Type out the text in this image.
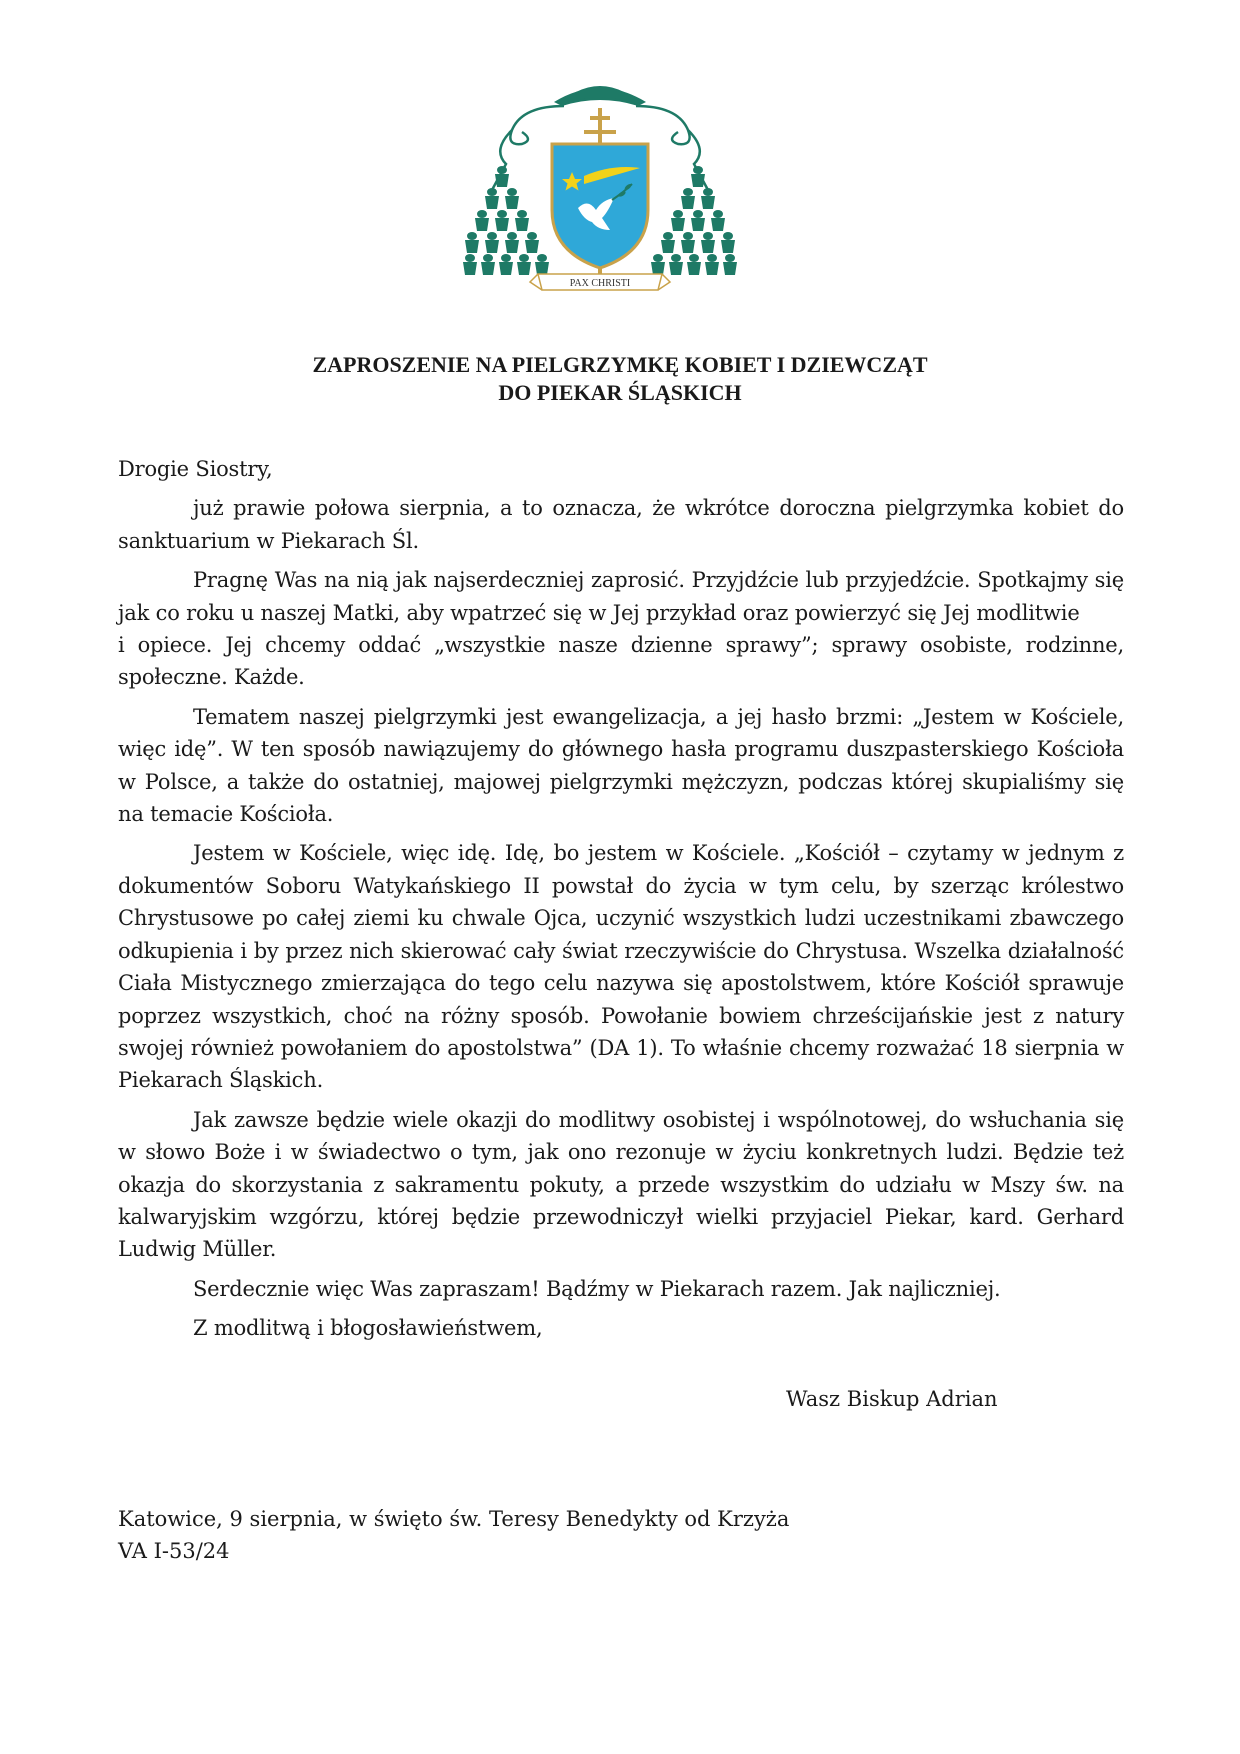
PAX CHRISTI
ZAPROSZENIE NA PIELGRZYMKĘ KOBIET I DZIEWCZĄT
DO PIEKAR ŚLĄSKICH

Drogie Siostry,

już prawie połowa sierpnia, a to oznacza, że wkrótce doroczna pielgrzymka kobiet do sanktuarium w Piekarach Śl.

Pragnę Was na nią jak najserdeczniej zaprosić. Przyjdźcie lub przyjedźcie. Spotkajmy się jak co roku u naszej Matki, aby wpatrzeć się w Jej przykład oraz powierzyć się Jej modlitwie

i opiece. Jej chcemy oddać „wszystkie nasze dzienne sprawy”; sprawy osobiste, rodzinne, społeczne. Każde.

Tematem naszej pielgrzymki jest ewangelizacja, a jej hasło brzmi: „Jestem w Kościele, więc idę”. W ten sposób nawiązujemy do głównego hasła programu duszpasterskiego Kościoła w Polsce, a także do ostatniej, majowej pielgrzymki mężczyzn, podczas której skupialiśmy się na temacie Kościoła.

Jestem w Kościele, więc idę. Idę, bo jestem w Kościele. „Kościół – czytamy w jednym z dokumentów Soboru Watykańskiego II powstał do życia w tym celu, by szerząc królestwo Chrystusowe po całej ziemi ku chwale Ojca, uczynić wszystkich ludzi uczestnikami zbawczego odkupienia i by przez nich skierować cały świat rzeczywiście do Chrystusa. Wszelka działalność Ciała Mistycznego zmierzająca do tego celu nazywa się apostolstwem, które Kościół sprawuje poprzez wszystkich, choć na różny sposób. Powołanie bowiem chrześcijańskie jest z natury swojej również powołaniem do apostolstwa” (DA 1). To właśnie chcemy rozważać 18 sierpnia w Piekarach Śląskich.

Jak zawsze będzie wiele okazji do modlitwy osobistej i wspólnotowej, do wsłuchania się w słowo Boże i w świadectwo o tym, jak ono rezonuje w życiu konkretnych ludzi. Będzie też okazja do skorzystania z sakramentu pokuty, a przede wszystkim do udziału w Mszy św. na kalwaryjskim wzgórzu, której będzie przewodniczył wielki przyjaciel Piekar, kard. Gerhard Ludwig Müller.

Serdecznie więc Was zapraszam! Bądźmy w Piekarach razem. Jak najliczniej.

Z modlitwą i błogosławieństwem,

Wasz Biskup Adrian
Katowice, 9 sierpnia, w święto św. Teresy Benedykty od Krzyża
VA I-53/24
